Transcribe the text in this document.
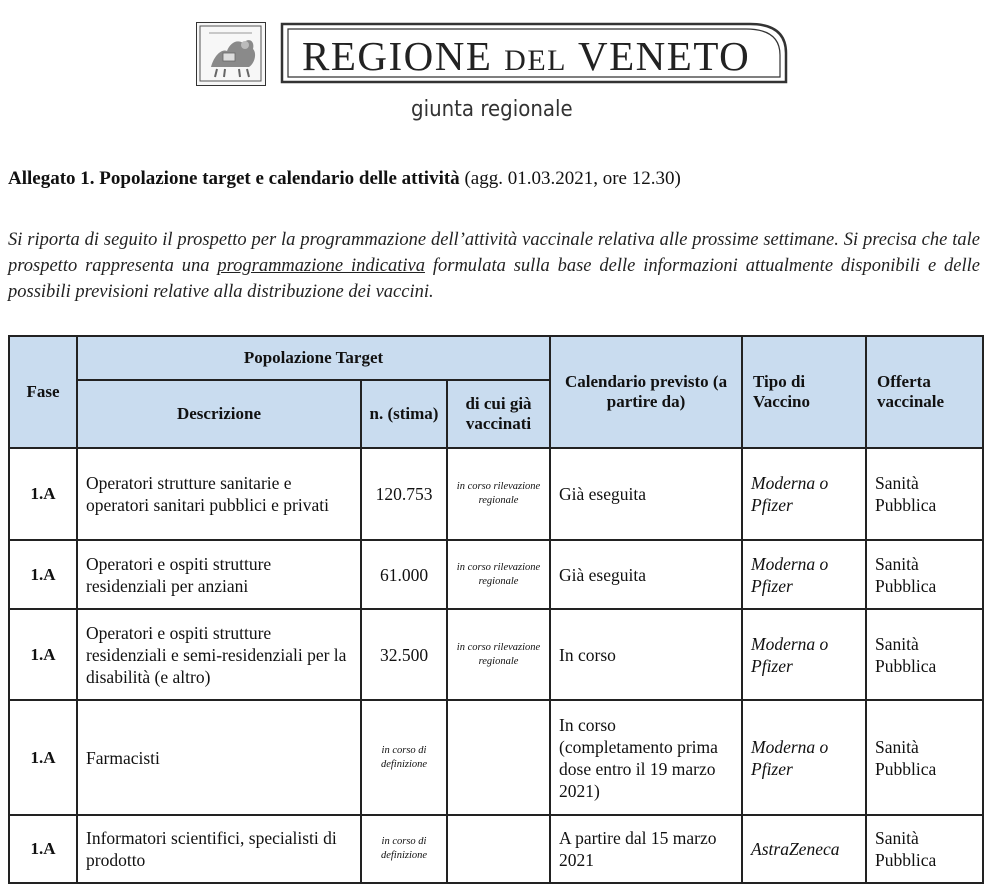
REGIONE DEL VENETO
giunta regionale
Allegato 1. Popolazione target e calendario delle attività (agg. 01.03.2021, ore 12.30)
Si riporta di seguito il prospetto per la programmazione dell’attività vaccinale relativa alle prossime settimane. Si precisa che tale prospetto rappresenta una programmazione indicativa formulata sulla base delle informazioni attualmente disponibili e delle possibili previsioni relative alla distribuzione dei vaccini.
Fase	Popolazione Target			Calendario previsto (a partire da)	Tipo di Vaccino	Offerta vaccinale
	Descrizione	n. (stima)	di cui già vaccinati			
1.A	Operatori strutture sanitarie e operatori sanitari pubblici e privati	120.753	in corso rilevazione regionale	Già eseguita	Moderna o Pfizer	Sanità Pubblica
1.A	Operatori e ospiti strutture residenziali per anziani	61.000	in corso rilevazione regionale	Già eseguita	Moderna o Pfizer	Sanità Pubblica
1.A	Operatori e ospiti strutture residenziali e semi-residenziali per la disabilità (e altro)	32.500	in corso rilevazione regionale	In corso	Moderna o Pfizer	Sanità Pubblica
1.A	Farmacisti	in corso di definizione		In corso (completamento prima dose entro il 19 marzo 2021)	Moderna o Pfizer	Sanità Pubblica
1.A	Informatori scientifici, specialisti di prodotto	in corso di definizione		A partire dal 15 marzo 2021	AstraZeneca	Sanità Pubblica
